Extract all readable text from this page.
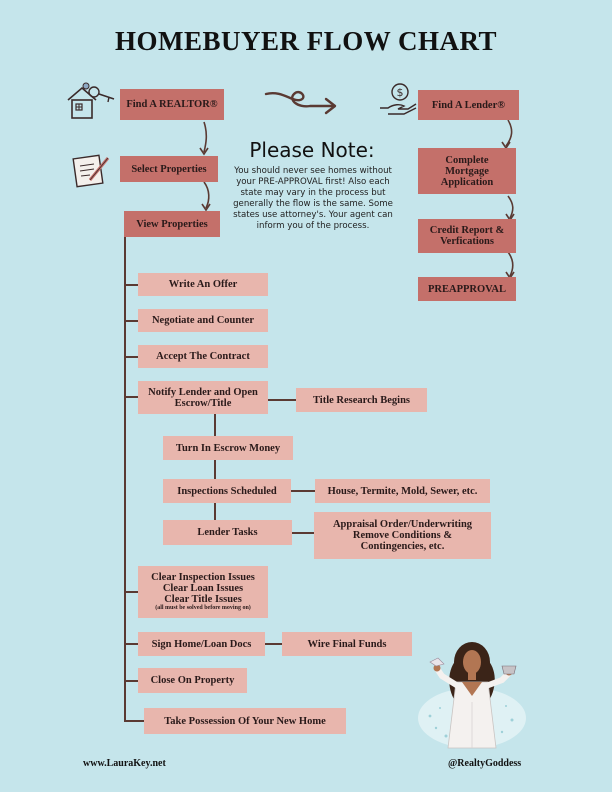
HOMEBUYER FLOW CHART
$
Find A REALTOR®
Select Properties
View Properties
Please Note:
You should never see homes without your PRE-APPROVAL first! Also each state may vary in the process but generally the flow is the same. Some states use attorney's. Your agent can inform you of the process.
Find A Lender®
Complete Mortgage Application
Credit Report & Verfications
PREAPPROVAL
Write An Offer
Negotiate and Counter
Accept The Contract
Notify Lender and Open Escrow/Title	Title Research Begins
Turn In Escrow Money
Inspections Scheduled	House, Termite, Mold, Sewer, etc.
Lender Tasks
Appraisal Order/Underwriting Remove Conditions & Contingencies, etc.
Clear Inspection Issues
Clear Loan Issues
Clear Title Issues
(all must be solved before moving on)
Sign Home/Loan Docs	Wire Final Funds
Close On Property
Take Possession Of Your New Home
www.LauraKey.net	@RealtyGoddess
